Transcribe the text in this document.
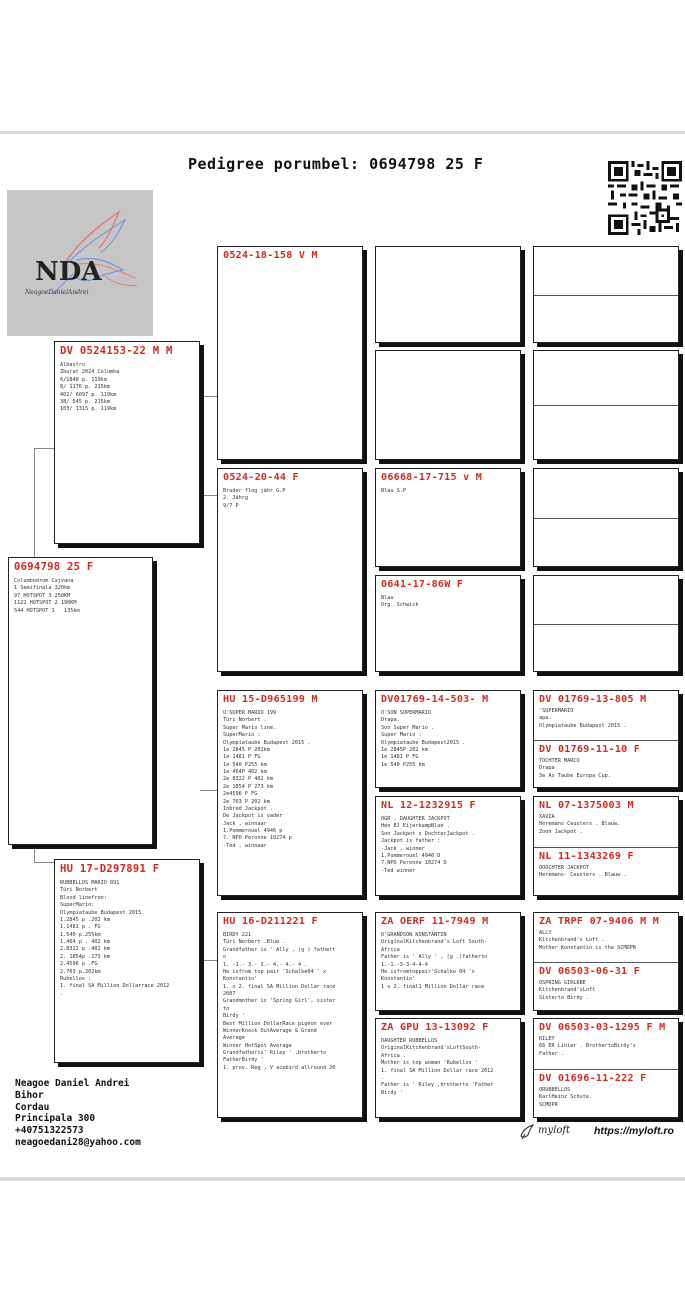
Pedigree porumbel: 0694798 25 F
NDA
NeagoeDanielAndrei
0694798 25 F
Columbodrom Cajvana
1 Semifinala 320km
97 HOTSPOT 3 250KM
1122 HOTSPOT 2 190KM
544 HOTSPOT 1   135km
DV 0524153-22 M M
Albastru
Zburat 2024 Columba
6/1848 p. 119km
8/ 1176 p. 215km
402/ 6097 p. 119km
38/ 545 p. 215km
103/ 1315 p. 119km
HU 17-D297891 F
RUBBELLOS MARIO 891
Türi Norbert
Blood linefron:
SuperMario:
Olympiataube Budapest 2015.
1.2845 p .202 km
1.1481 p . FG
1.540 p.255km
1.464 p . 402 km
2.8322 p .402 km
2. 1854p .273 km
2.4596 p .FG
2.763 p.202km
Rubellos :
1. final SA Million Dollarrace 2012
.
0524-18-158 V M
0524-20-44 F
Bruder flog jähr G.P
2. Jährg
9/7 P
HU 15-D965199 M
O'SUPER MARIO 199
Türi Norbert .
Super Mario line.
SuperMario :
Olympiataube Budapest 2015 .
1e 2845 P 202km
1e 1481 P FG
1e 540 P255 km
1e 464P 402 km
2e 8322 P 402 km
2e 1854 P 273 km
2e4596 P FG
2e 763 P 202 km
Inbred Jackpot .
De Jackpot is vader
Jack , winnaar
1.Pommerouel 4946 p
7. NPO Peronne 10274 p
-Ted , winnaar
HU 16-D211221 F
BIRDY 221
Türi Norbert .Blue .
Grandfather is ' Ally , (g ) fathert
o
1. -1.- 3.- 3.- 4.- 4.- 4 .
He isfrom top pair 'Schalke04 ' x
Konstantin'
1. x 2. final SA Million Dollar race
2007
Grandmother is 'Spring Girl', sister
to
Birdy '
Best Million DollarRace pigeon ever
WinnerKnock OutAverage & Grand
Average
Winner HotSpot Average
Grandfatheris' Riley ' ,brotherto
FatherBirdy '
1. prov. Reg , V acebird allround 20
06668-17-715 v M
Blau S.P
0641-17-86W F
Blau
Org. Schwick
DV01769-14-503- M
O'SON SUPERMARIO
Drapa.
Son Super Mario .
Super Mario :
Olympiataube Budapest2015 .
1e 2845P 202 km
1e 1481 P FG
1e 540 P255 km
NL 12-1232915 F
OGR . DAUGHTER JACKPOT
Hen EJ EijerkampBlue .
Son Jackpot x DochterJackpot .
Jackpot is father :
-Jack , winner
1.Pommerouel 4946 D
7.NPO Peronne 10274 D
-Ted winner
ZA OERF 11-7949 M
O'GRANDSON KONSTANTIN
OriginalKitchenbrand's Loft South-
Africa
Father is ' Ally ' , (g .)fatherto
1.-1.-3-3-4-4-4
He isfromtoppair'Schalke 04 'x
Konstantin'
1 x 2. final1 Million Dollar race
ZA GPU 13-13092 F
DAUGHTER RUBBELLOS
OriginalKitchenbrand'sLoftSouth-
Africa .
Mother is top woman 'Rubellos '
1. final SA Million Dollar race 2012
.
Father is ' Riley ,brotherto 'Father
Birdy '
DV 01769-13-805 M
'SUPERMARIO
apa.
Olympiataube Budapest 2015 .
DV 01769-11-10 F
TOCHTER MARCO
Drapa
3e As Taube Europa Cup.
NL 07-1375003 M
XAVIA
Heremans Ceusters . Blauw.
Zoon Jackpot .
NL 11-1343269 F
OOOCHTER JACKPOT
Heremans- Ceusters . Blauw .
ZA TRPF 07-9406 M M
ALLY
Kitchenbrand's Loft .
Mother Konstantin is the SCMDPR
DV 06503-06-31 F
OSPRING GIRLRBE
Kitchenbrand'sLoft
Sisterto Birdy .
DV 06503-03-1295 F M
RILEY
66 ER Linier . BrothertoBirdy's
Father .
DV 01696-11-222 F
ORUBBELLOS
KarlHeinz Schute.
SCMDPR
Neagoe Daniel Andrei
Bihor
Cordau
Principala 300
+40751322573
neagoedani28@yahoo.com
myloft https://myloft.ro
